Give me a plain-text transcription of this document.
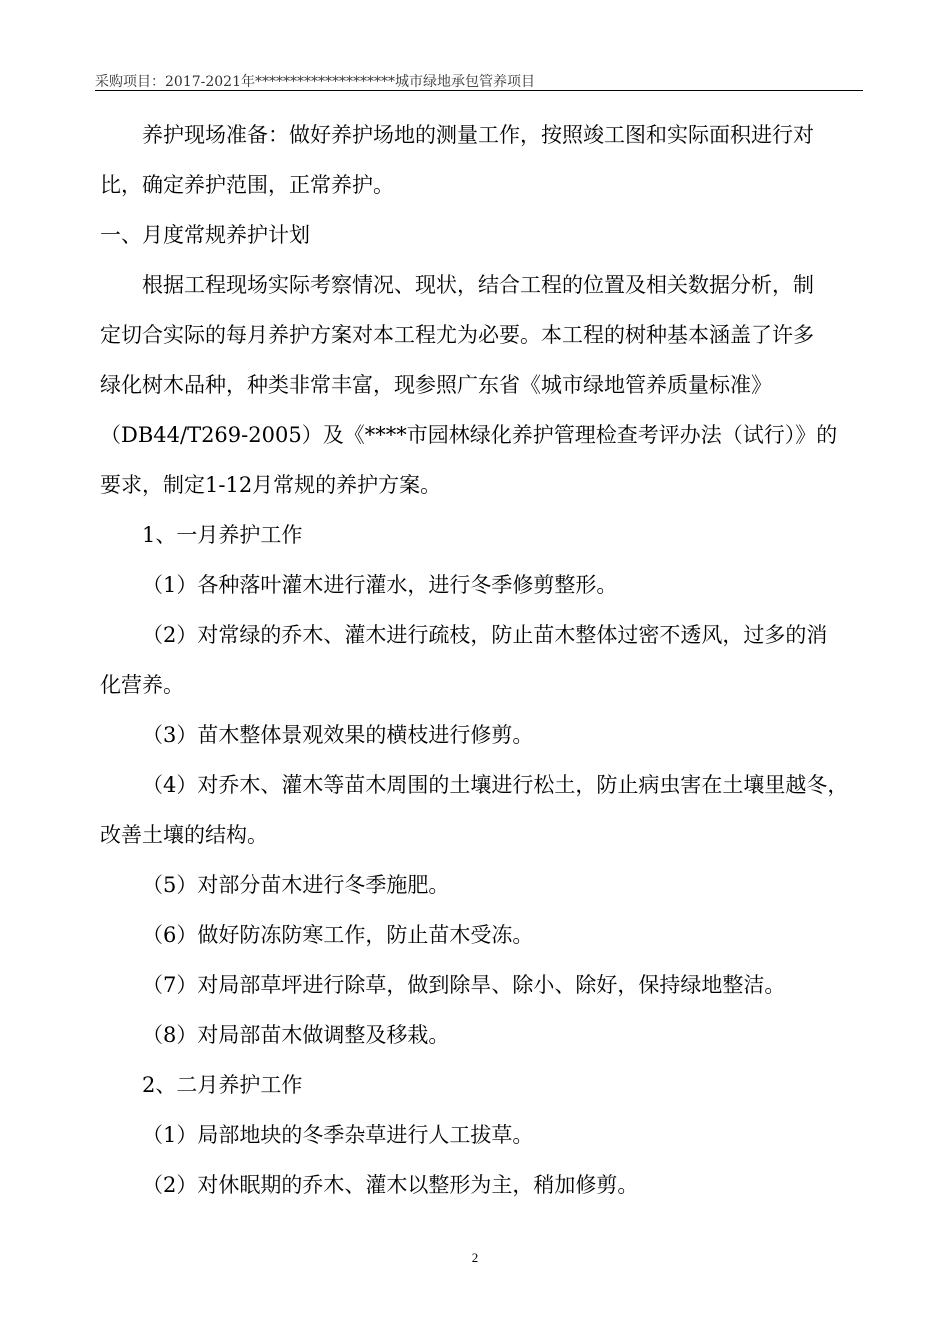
采购项目：2017-2021年********************城市绿地承包管养项目

养护现场准备：做好养护场地的测量工作，按照竣工图和实际面积进行对

比，确定养护范围，正常养护。

一、月度常规养护计划

根据工程现场实际考察情况、现状，结合工程的位置及相关数据分析，制

定切合实际的每月养护方案对本工程尤为必要。本工程的树种基本涵盖了许多

绿化树木品种，种类非常丰富，现参照广东省《城市绿地管养质量标准》

（DB44/T269-2005）及《****市园林绿化养护管理检查考评办法（试行）》的

要求，制定1-12月常规的养护方案。

1、一月养护工作

（1）各种落叶灌木进行灌水，进行冬季修剪整形。

（2）对常绿的乔木、灌木进行疏枝，防止苗木整体过密不透风，过多的消

化营养。

（3）苗木整体景观效果的横枝进行修剪。

（4）对乔木、灌木等苗木周围的土壤进行松土，防止病虫害在土壤里越冬，

改善土壤的结构。

（5）对部分苗木进行冬季施肥。

（6）做好防冻防寒工作，防止苗木受冻。

（7）对局部草坪进行除草，做到除旱、除小、除好，保持绿地整洁。

（8）对局部苗木做调整及移栽。

2、二月养护工作

（1）局部地块的冬季杂草进行人工拔草。

（2）对休眠期的乔木、灌木以整形为主，稍加修剪。

2
